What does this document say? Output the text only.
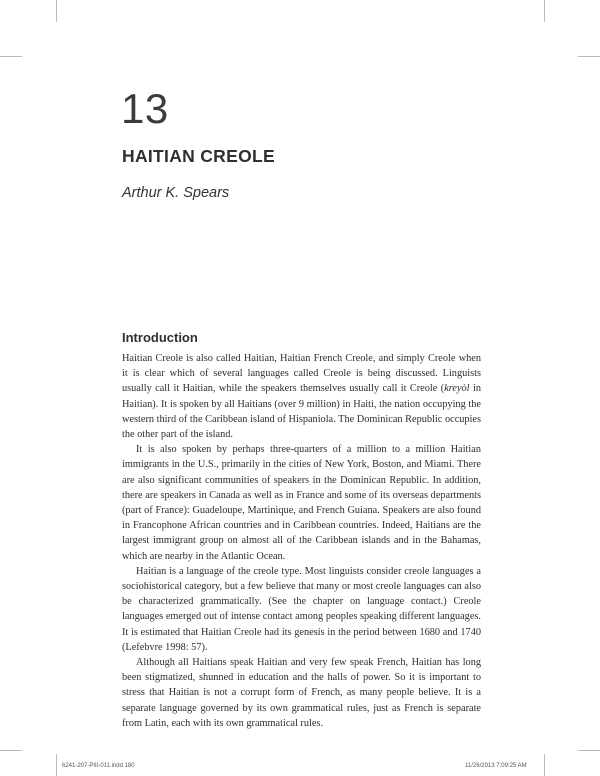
13
HAITIAN CREOLE
Arthur K. Spears
Introduction

Haitian Creole is also called Haitian, Haitian French Creole, and simply Creole when it is clear which of several languages called Creole is being discussed. Linguists usually call it Haitian, while the speakers themselves usually call it Creole (kreyòl in Haitian). It is spoken by all Haitians (over 9 million) in Haiti, the nation occupying the western third of the Caribbean island of Hispaniola. The Dominican Republic occupies the other part of the island.

It is also spoken by perhaps three-quarters of a million to a million Haitian immigrants in the U.S., primarily in the cities of New York, Boston, and Miami. There are also significant communities of speakers in the Dominican Republic. In addition, there are speakers in Canada as well as in France and some of its overseas departments (part of France): Guadeloupe, Martinique, and French Guiana. Speakers are also found in Francophone African countries and in Caribbean countries. Indeed, Haitians are the largest immigrant group on almost all of the Caribbean islands and in the Bahamas, which are nearby in the Atlantic Ocean.

Haitian is a language of the creole type. Most linguists consider creole languages a sociohistorical category, but a few believe that many or most creole languages can also be characterized grammatically. (See the chapter on language contact.) Creole languages emerged out of intense contact among peoples speaking different languages. It is estimated that Haitian Creole had its genesis in the period between 1680 and 1740 (Lefebvre 1998: 57).

Although all Haitians speak Haitian and very few speak French, Haitian has long been stigmatized, shunned in education and the halls of power. So it is important to stress that Haitian is not a corrupt form of French, as many people believe. It is a separate language governed by its own grammatical rules, just as French is separate from Latin, each with its own grammatical rules.

6241-207-PIII-011.indd 180	11/26/2013 7:09:25 AM
